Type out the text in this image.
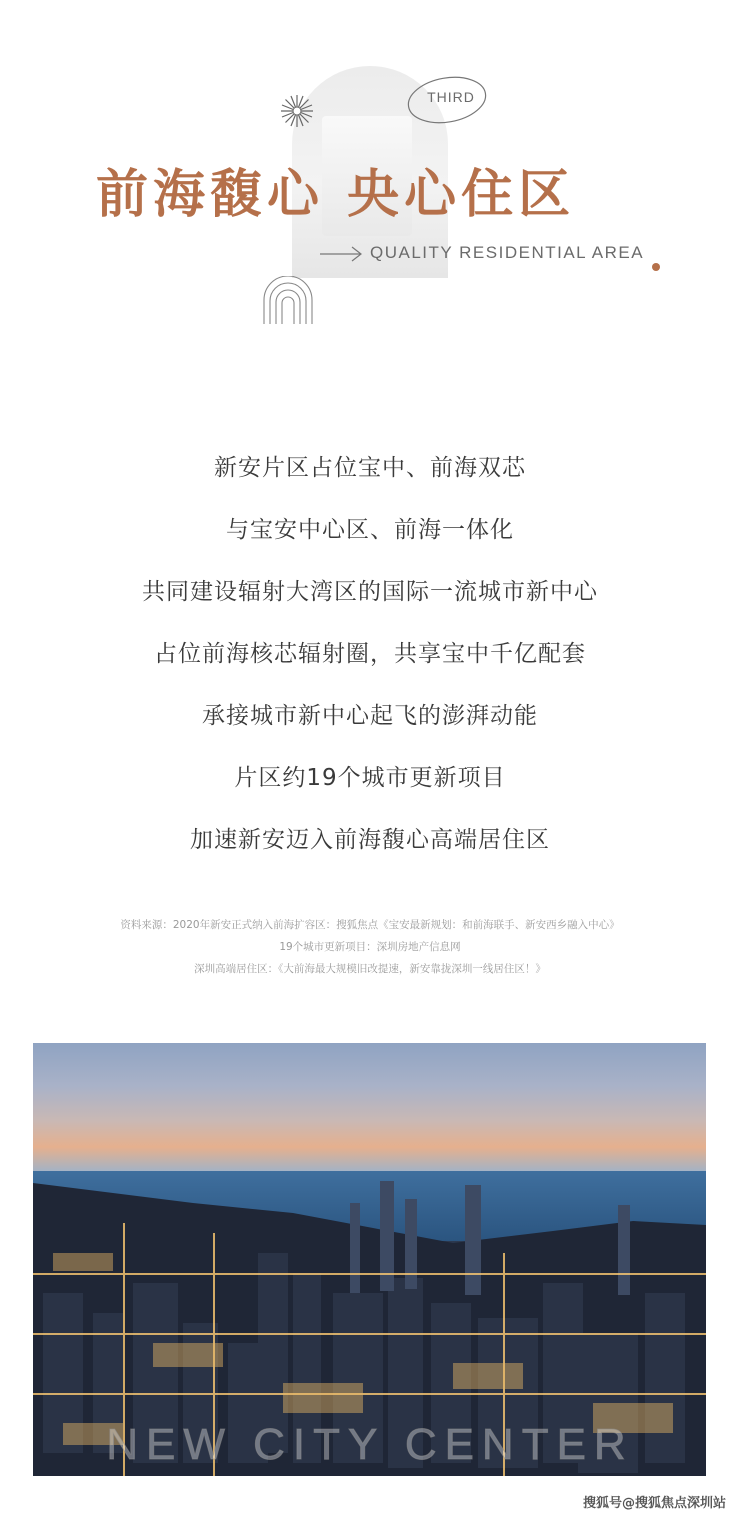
THIRD
前海馥心 央心住区
QUALITY RESIDENTIAL AREA
新安片区占位宝中、前海双芯
与宝安中心区、前海一体化
共同建设辐射大湾区的国际一流城市新中心
占位前海核芯辐射圈，共享宝中千亿配套
承接城市新中心起飞的澎湃动能
片区约19个城市更新项目
加速新安迈入前海馥心高端居住区
资料来源：2020年新安正式纳入前海扩容区：搜狐焦点《宝安最新规划：和前海联手、新安西乡融入中心》
19个城市更新项目：深圳房地产信息网
深圳高端居住区：《大前海最大规模旧改提速，新安靠拢深圳一线居住区！》
NEW CITY CENTER
搜狐号@搜狐焦点深圳站
